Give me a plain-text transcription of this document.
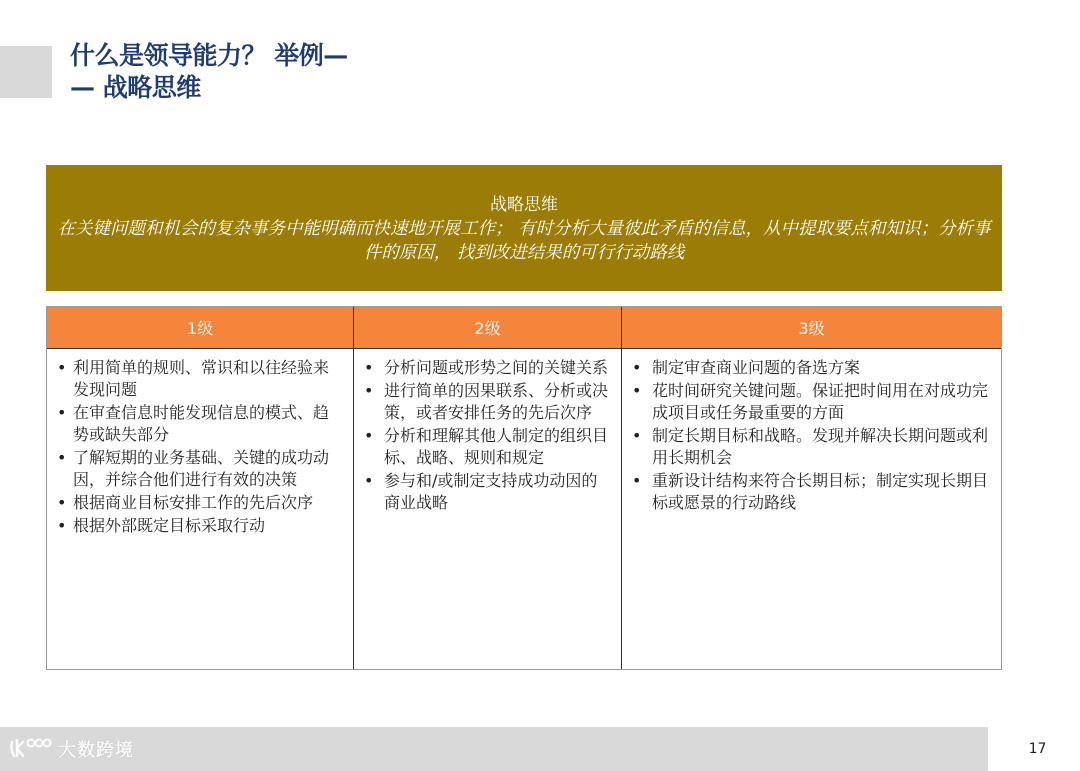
什么是领导能力？ 举例—
— 战略思维
战略思维
在关键问题和机会的复杂事务中能明确而快速地开展工作； 有时分析大量彼此矛盾的信息，从中提取要点和知识；分析事件的原因， 找到改进结果的可行行动路线
1级
• 利用简单的规则、常识和以往经验来发现问题
• 在审查信息时能发现信息的模式、趋势或缺失部分
• 了解短期的业务基础、关键的成功动因，并综合他们进行有效的决策
• 根据商业目标安排工作的先后次序
• 根据外部既定目标采取行动
2级
• 分析问题或形势之间的关键关系
• 进行简单的因果联系、分析或决策，或者安排任务的先后次序
• 分析和理解其他人制定的组织目标、战略、规则和规定
• 参与和/或制定支持成功动因的商业战略
3级
• 制定审查商业问题的备选方案
• 花时间研究关键问题。保证把时间用在对成功完成项目或任务最重要的方面
• 制定长期目标和战略。发现并解决长期问题或利用长期机会
• 重新设计结构来符合长期目标；制定实现长期目标或愿景的行动路线
大数跨境	17
